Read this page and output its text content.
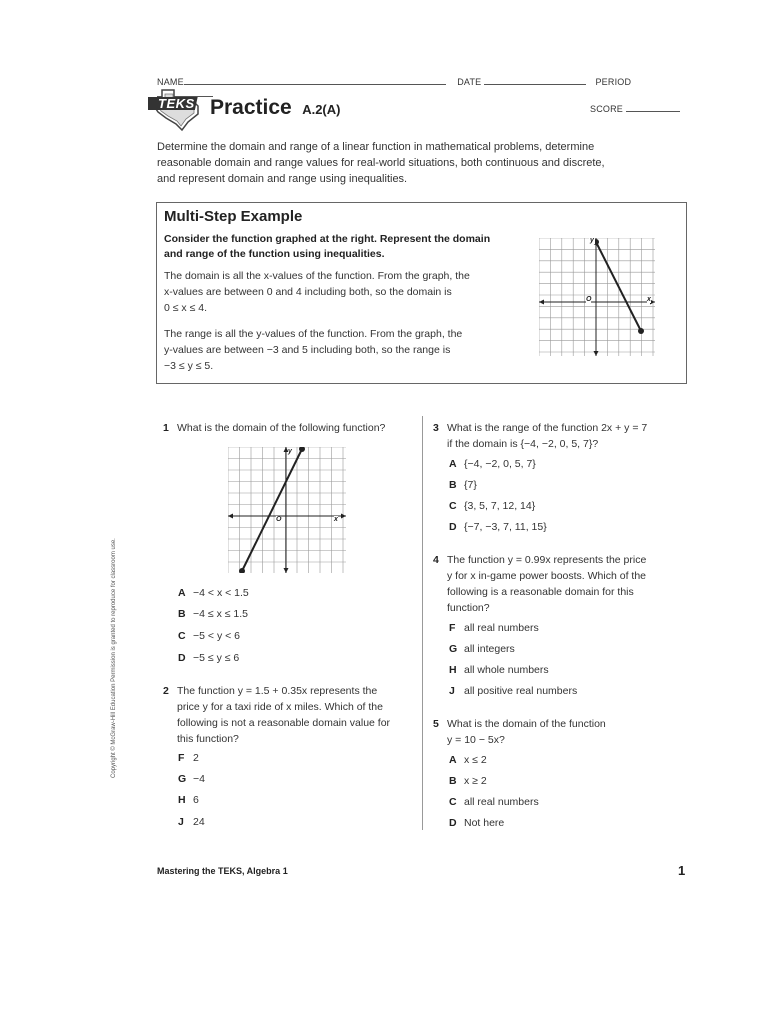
NAME	DATE	PERIOD
TEKS Practice A.2(A)	SCORE
Determine the domain and range of a linear function in mathematical problems, determine
reasonable domain and range values for real-world situations, both continuous and discrete,
and represent domain and range using inequalities.
Multi-Step Example
Consider the function graphed at the right. Represent the domain
and range of the function using inequalities.
The domain is all the x-values of the function. From the graph, the
x-values are between 0 and 4 including both, so the domain is
0 ≤ x ≤ 4.
The range is all the y-values of the function. From the graph, the
y-values are between −3 and 5 including both, so the range is
−3 ≤ y ≤ 5.
y
x
O
1 What is the domain of the following function?
y
x
O
A −4 < x < 1.5
B −4 ≤ x ≤ 1.5
C −5 < y < 6
D −5 ≤ y ≤ 6
2 The function y = 1.5 + 0.35x represents the
price y for a taxi ride of x miles. Which of the
following is not a reasonable domain value for
this function?
F 2
G −4
H 6
J 24
3 What is the range of the function 2x + y = 7
if the domain is {−4, −2, 0, 5, 7}?
A {−4, −2, 0, 5, 7}
B {7}
C {3, 5, 7, 12, 14}
D {−7, −3, 7, 11, 15}
4 The function y = 0.99x represents the price
y for x in-game power boosts. Which of the
following is a reasonable domain for this
function?
F all real numbers
G all integers
H all whole numbers
J all positive real numbers
5 What is the domain of the function
y = 10 − 5x?
A x ≤ 2
B x ≥ 2
C all real numbers
D Not here
Copyright © McGraw-Hill Education Permission is granted to reproduce for classroom use.
Mastering the TEKS, Algebra 1	1
